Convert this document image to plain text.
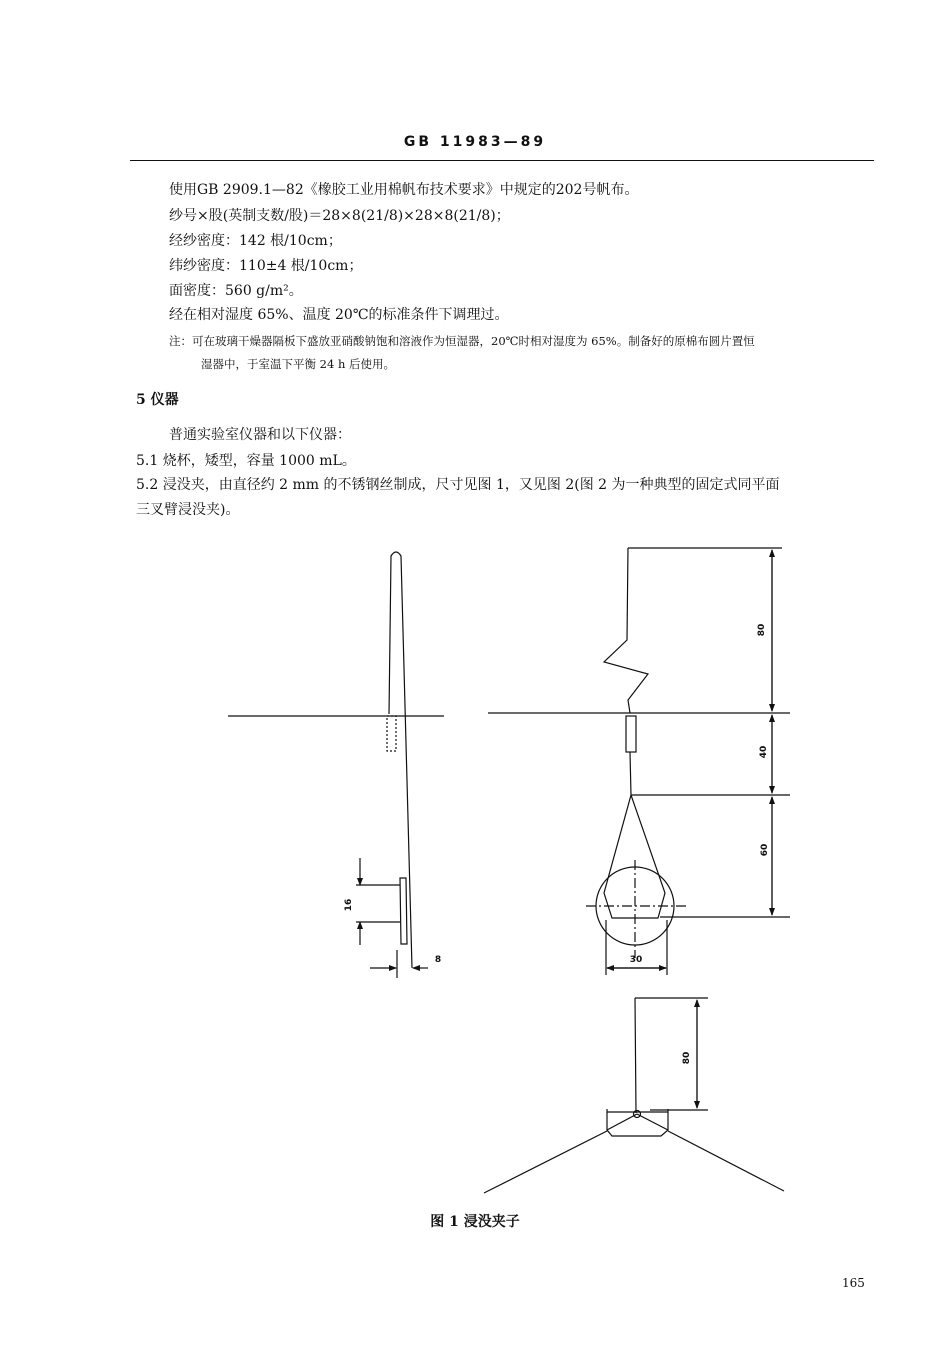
GB 11983—89
使用GB 2909.1—82《橡胶工业用棉帆布技术要求》中规定的202号帆布。
纱号×股(英制支数/股)＝28×8(21/8)×28×8(21/8)；
经纱密度：142 根/10cm；
纬纱密度：110±4 根/10cm；
面密度：560 g/m²。
经在相对湿度 65%、温度 20℃的标准条件下调理过。
注：可在玻璃干燥器隔板下盛放亚硝酸钠饱和溶液作为恒湿器，20℃时相对湿度为 65%。制备好的原棉布圆片置恒
湿器中，于室温下平衡 24 h 后使用。
5 仪器
普通实验室仪器和以下仪器：
5.1 烧杯，矮型，容量 1000 mL。
5.2 浸没夹，由直径约 2 mm 的不锈钢丝制成，尺寸见图 1，又见图 2(图 2 为一种典型的固定式同平面
三叉臂浸没夹)。
80
40
60
16
8	30
80
图 1 浸没夹子
165
